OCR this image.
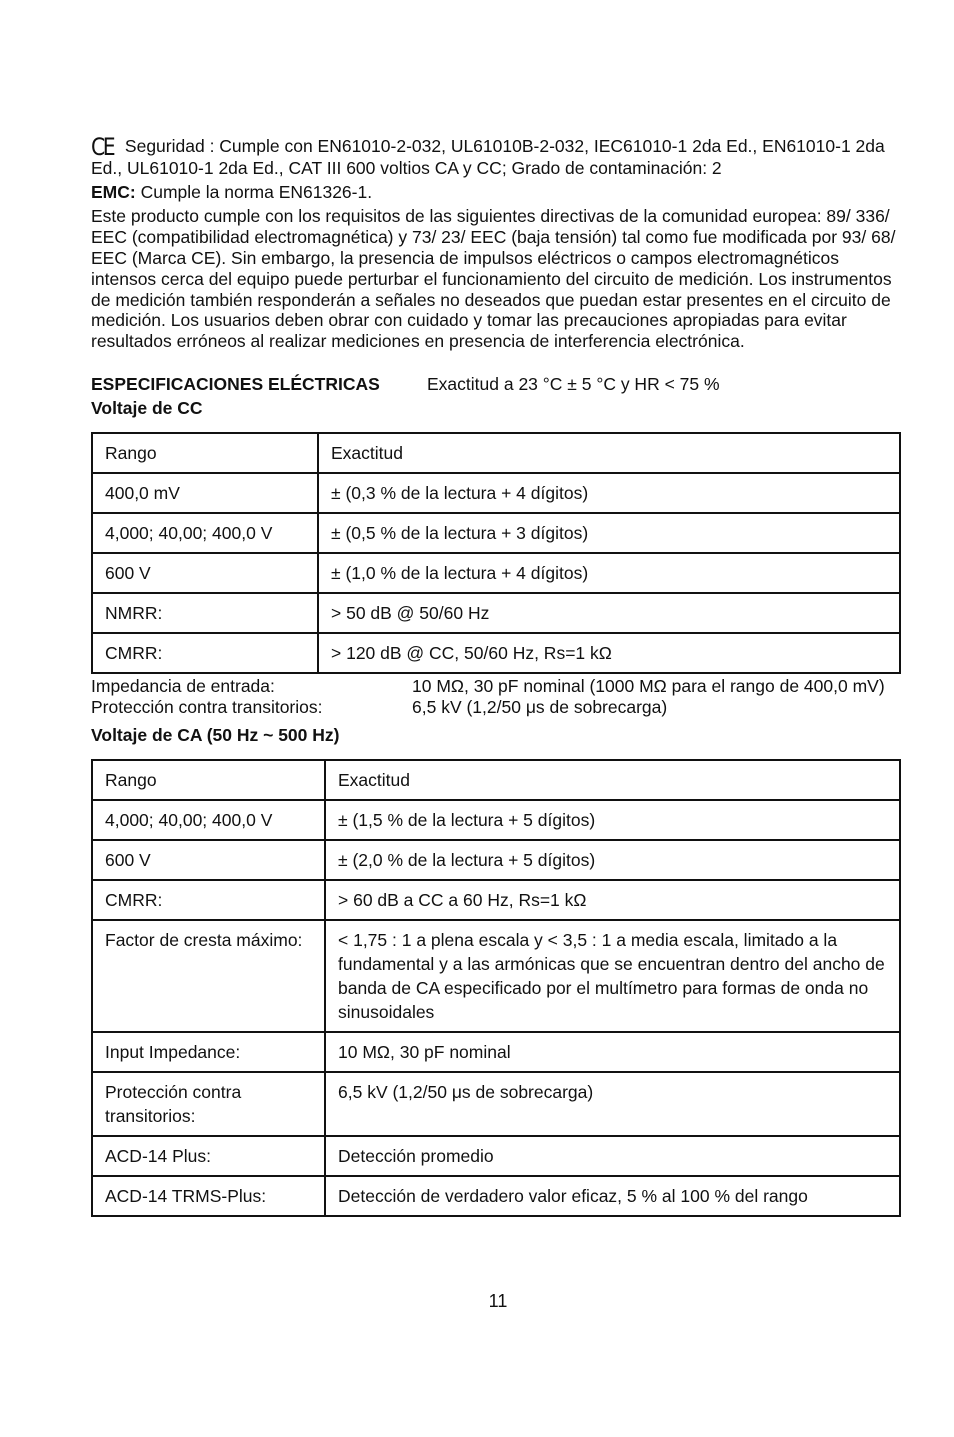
CE Seguridad : Cumple con EN61010-2-032, UL61010B-2-032, IEC61010-1 2da Ed., EN61010-1 2da Ed., UL61010-1 2da Ed., CAT III 600 voltios CA y CC; Grado de contaminación: 2

EMC: Cumple la norma EN61326-1.

Este producto cumple con los requisitos de las siguientes directivas de la comunidad europea: 89/ 336/ EEC (compatibilidad electromagnética) y 73/ 23/ EEC (baja tensión) tal como fue modificada por 93/ 68/ EEC (Marca CE). Sin embargo, la presencia de impulsos eléctricos o campos electromagnéticos intensos cerca del equipo puede perturbar el funcionamiento del circuito de medición. Los instrumentos de medición también responderán a señales no deseados que puedan estar presentes en el circuito de medición. Los usuarios deben obrar con cuidado y tomar las precauciones apropiadas para evitar resultados erróneos al realizar mediciones en presencia de interferencia electrónica.

ESPECIFICACIONES ELÉCTRICAS	Exactitud a 23 °C ± 5 °C y HR < 75 %
Voltaje de CC
Rango	Exactitud
400,0 mV	± (0,3 % de la lectura + 4 dígitos)
4,000; 40,00; 400,0 V	± (0,5 % de la lectura + 3 dígitos)
600 V	± (1,0 % de la lectura + 4 dígitos)
NMRR:	> 50 dB @ 50/60 Hz
CMRR:	> 120 dB @ CC, 50/60 Hz, Rs=1 kΩ
Impedancia de entrada:	10 MΩ, 30 pF nominal (1000 MΩ para el rango de 400,0 mV)
Protección contra transitorios:	6,5 kV (1,2/50 μs de sobrecarga)
Voltaje de CA (50 Hz ~ 500 Hz)
Rango	Exactitud
4,000; 40,00; 400,0 V	± (1,5 % de la lectura + 5 dígitos)
600 V	± (2,0 % de la lectura + 5 dígitos)
CMRR:	> 60 dB a CC a 60 Hz, Rs=1 kΩ
Factor de cresta máximo:	< 1,75 : 1 a plena escala y < 3,5 : 1 a media escala, limitado a la fundamental y a las armónicas que se encuentran dentro del ancho de banda de CA especificado por el multímetro para formas de onda no sinusoidales
Input Impedance:	10 MΩ, 30 pF nominal
Protección contra transitorios:	6,5 kV (1,2/50 μs de sobrecarga)
ACD-14 Plus:	Detección promedio
ACD-14 TRMS-Plus:	Detección de verdadero valor eficaz, 5 % al 100 % del rango
11
